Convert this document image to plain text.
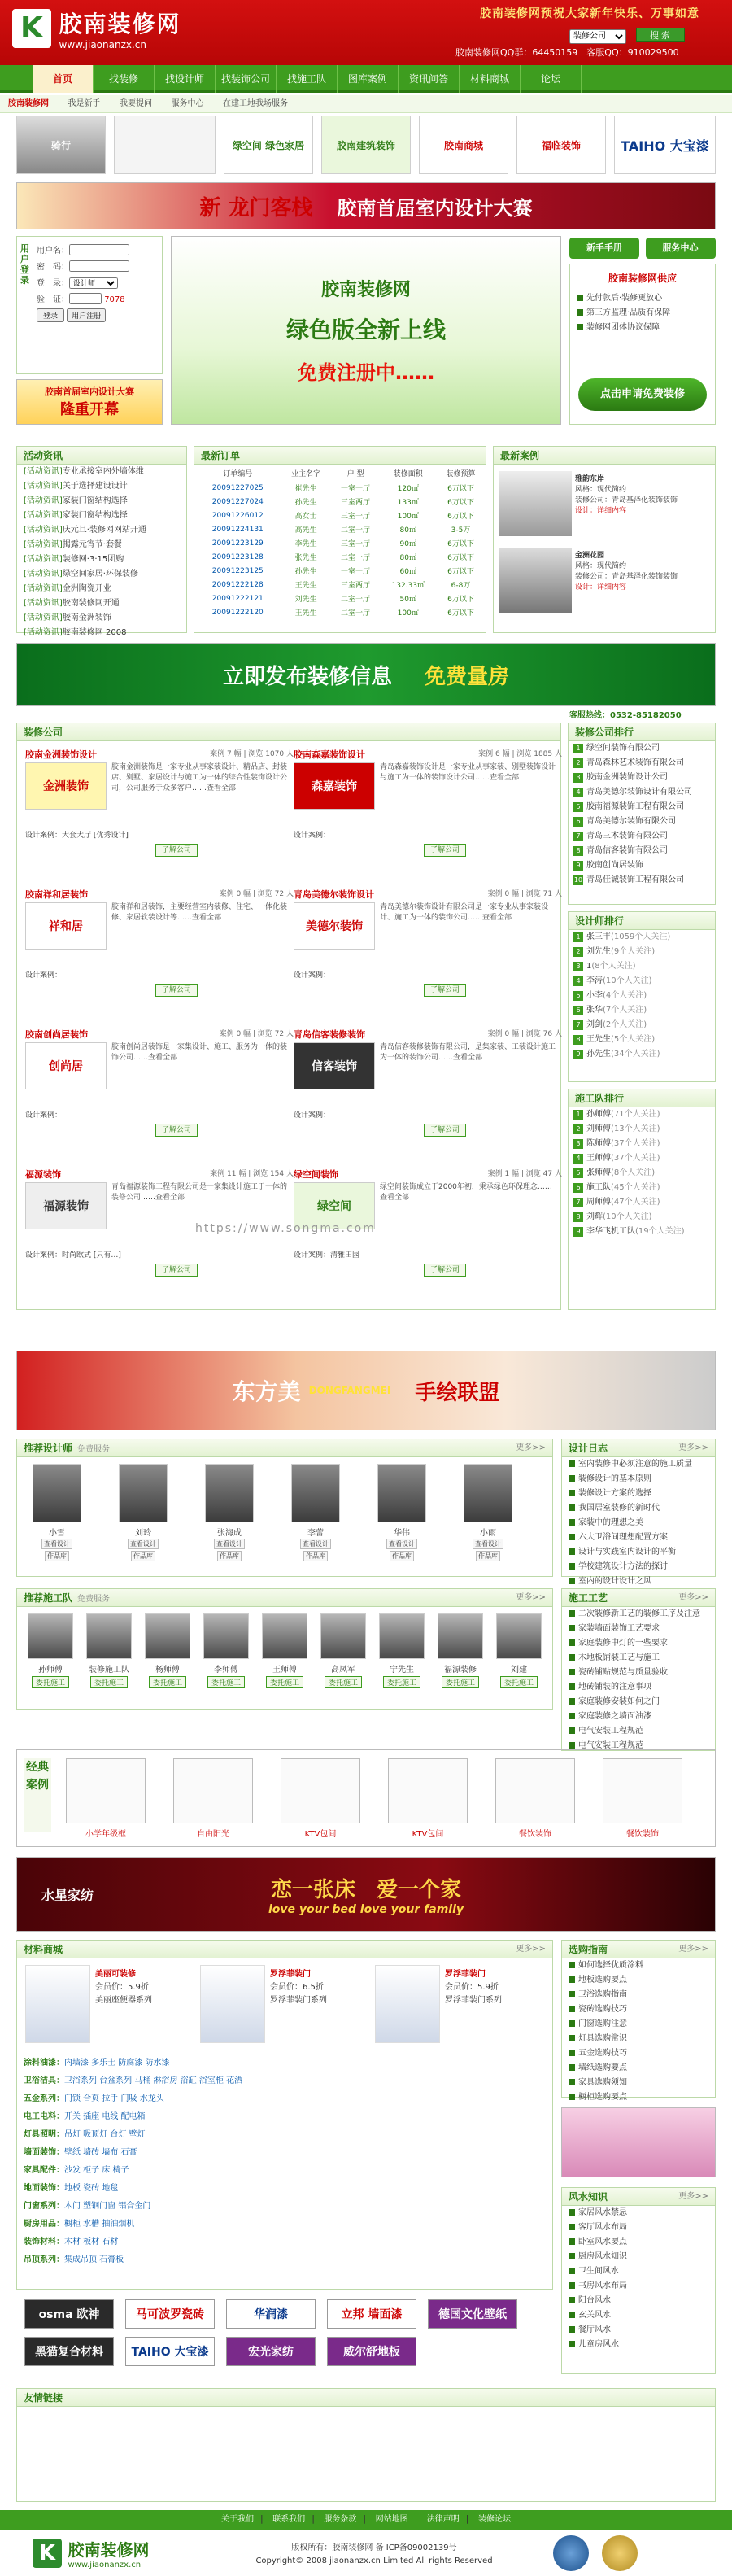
K 胶南装修网
www.jiaonanzx.cn
胶南装修网预祝大家新年快乐、万事如意
装修公司 搜 索
胶南装修网QQ群：64450159　客服QQ：910029500
首页	找装修	找设计师	找装饰公司	找施工队	图库案例	资讯问答	材料商城	论坛
胶南装修网 我是新手 我要提问 服务中心 在建工地我场服务
骑行	绿空间 绿色家居	胶南建筑装饰	胶南商城	福临装饰	TAIHO 大宝漆
新 龙门客栈 胶南首届室内设计大赛
用户登录
用户名：
密　码：
登　录：
设计师
验　证：	7078
登录 用户注册
胶南首届室内设计大赛
隆重开幕
胶南装修网
绿色版全新上线
免费注册中……
新手手册	服务中心
胶南装修网供应
先付款后·装修更放心
第三方监理·品质有保障
装修网团体协议保障
点击申请免费装修
活动资讯
[活动资讯]专业承接室内外墙体维
[活动资讯]关于选择建设设计
[活动资讯]家装门窗结构选择
[活动资讯]家装门窗结构选择
[活动资讯]庆元旦·装修网网站开通
[活动资讯]揭露元宵节·套餐
[活动资讯]装修网·3·15团购
[活动资讯]绿空间家居·环保装修
[活动资讯]金洲陶瓷开业
[活动资讯]胶南装修网开通
[活动资讯]胶南金洲装饰
[活动资讯]胶南装修网 2008
最新订单
订单编号	业主名字	户 型	装修面积	装修预算
20091227025	崔先生	一室一厅	120㎡	6万以下
20091227024	孙先生	三室两厅	133㎡	6万以下
20091226012	高女士	三室一厅	100㎡	6万以下
20091224131	高先生	二室一厅	80㎡	3-5万
20091223129	李先生	三室一厅	90㎡	6万以下
20091223128	张先生	二室一厅	80㎡	6万以下
20091223125	孙先生	一室一厅	60㎡	6万以下
20091222128	王先生	三室两厅	132.33㎡	6-8万
20091222121	刘先生	二室一厅	50㎡	6万以下
20091222120	王先生	二室一厅	100㎡	6万以下
最新案例
雅韵东岸
风格：现代简约
装修公司：青岛基泽化装饰装饰
设计：详细内容
金洲花园
风格：现代简约
装修公司：青岛基泽化装饰装饰
设计：详细内容
立即发布装修信息 免费量房
客服热线：0532-85182050
装修公司
胶南金洲装饰设计	案例 7 幅 | 浏览 1070 人
金洲装饰
胶南金洲装饰是一家专业从事家装设计、精品店、封装店、别墅、家居设计与施工为一体的综合性装饰设计公司，公司服务于众多客户……查看全部
设计案例：大套大厅 [优秀设计]
了解公司
胶南森嘉装饰设计	案例 6 幅 | 浏览 1885 人
森嘉装饰
青岛森嘉装饰设计是一家专业从事家装、别墅装饰设计与施工为一体的装饰设计公司……查看全部
设计案例：
了解公司
胶南祥和居装饰	案例 0 幅 | 浏览 72 人
祥和居
胶南祥和居装饰，主要经营室内装修、住宅、一体化装修、家居软装设计等……查看全部
设计案例：
了解公司
青岛美德尔装饰设计	案例 0 幅 | 浏览 71 人
美德尔装饰
青岛美德尔装饰设计有限公司是一家专业从事家装设计、施工为一体的装饰公司……查看全部
设计案例：
了解公司
胶南创尚居装饰	案例 0 幅 | 浏览 72 人
创尚居
胶南创尚居装饰是一家集设计、施工、服务为一体的装饰公司……查看全部
设计案例：
了解公司
青岛信客装修装饰	案例 0 幅 | 浏览 76 人
信客装饰
青岛信客装修装饰有限公司，是集家装、工装设计施工为一体的装饰公司……查看全部
设计案例：
了解公司
福源装饰	案例 11 幅 | 浏览 154 人
福源装饰
青岛福源装饰工程有限公司是一家集设计施工于一体的装修公司……查看全部
设计案例：时尚欧式 [只有…]
了解公司
绿空间装饰	案例 1 幅 | 浏览 47 人
绿空间
绿空间装饰成立于2000年初，秉承绿色环保理念……查看全部
设计案例：清雅田园
了解公司
装修公司排行
1 绿空间装饰有限公司
2 青岛森林艺术装饰有限公司
3 胶南金洲装饰设计公司
4 青岛美德尔装饰设计有限公司
5 胶南福源装饰工程有限公司
6 青岛美德尔装饰有限公司
7 青岛三木装饰有限公司
8 青岛信客装饰有限公司
9 胶南创尚居装饰
10 青岛佳诚装饰工程有限公司
设计师排行
1 张三丰(1059个人关注)
2 刘先生(9个人关注)
3 1(8个人关注)
4 李涛(10个人关注)
5 小李(4个人关注)
6 张华(7个人关注)
7 刘剑(2个人关注)
8 王先生(5个人关注)
9 孙先生(34个人关注)
施工队排行
1 孙师傅(71个人关注)
2 刘师傅(13个人关注)
3 陈师傅(37个人关注)
4 王师傅(37个人关注)
5 张师傅(8个人关注)
6 施工队(45个人关注)
7 周师傅(47个人关注)
8 刘辉(10个人关注)
9 李华飞机工队(19个人关注)
https://www.songma.com
东方美 DONGFANGMEI 手绘联盟
推荐设计师 免费服务	更多>>
小雪
查看设计作品库
刘玲
查看设计作品库
张海成
查看设计作品库
李蕾
查看设计作品库
华伟
查看设计作品库
小雨
查看设计作品库
设计日志	更多>>
室内装修中必须注意的施工质量
装修设计的基本原则
装修设计方案的选择
我国居室装修的新时代
家装中的理想之美
六大卫浴间理想配置方案
设计与实践室内设计的平衡
学校建筑设计方法的探讨
室内的设计设计之风
推荐施工队 免费服务	更多>>
孙师傅
委托施工
装修施工队
委托施工
杨师傅
委托施工
李师傅
委托施工
王师傅
委托施工
高凤军
委托施工
宁先生
委托施工
福源装修
委托施工
刘建
委托施工
施工工艺	更多>>
二次装修新工艺的装修工序及注意
家装墙面装饰工艺要求
家庭装修中灯的一些要求
木地板铺装工艺与施工
瓷砖铺贴规范与质量验收
地砖铺装的注意事项
家庭装修安装如何之门
家庭装修之墙面油漆
电气安装工程规范
电气安装工程规范
经典案例
小学年级框	自由阳光	KTV包间	KTV包间	餐饮装饰	餐饮装饰
水星家纺	恋一张床　爱一个家
love your bed love your family
材料商城	更多>>
美丽可装修
会员价：5.9折
美丽座便器系列
罗浮菲装门
会员价：6.5折
罗浮菲装门系列
罗浮菲装门
会员价：5.9折
罗浮菲装门系列
涂料油漆：内墙漆 多乐士 防腐漆 防水漆
卫浴洁具：卫浴系列 台盆系列 马桶 淋浴房 浴缸 浴室柜 花洒
五金系列：门锁 合页 拉手 门吸 水龙头
电工电料：开关 插座 电线 配电箱
灯具照明：吊灯 吸顶灯 台灯 壁灯
墙面装饰：壁纸 墙砖 墙布 石膏
家具配件：沙发 柜子 床 椅子
地面装饰：地板 瓷砖 地毯
门窗系列：木门 塑钢门窗 铝合金门
厨房用品：橱柜 水槽 抽油烟机
装饰材料：木材 板材 石材
吊顶系列：集成吊顶 石膏板
选购指南	更多>>
如何选择优质涂料
地板选购要点
卫浴选购指南
瓷砖选购技巧
门窗选购注意
灯具选购常识
五金选购技巧
墙纸选购要点
家具选购须知
橱柜选购要点
风水知识	更多>>
家居风水禁忌
客厅风水布局
卧室风水要点
厨房风水知识
卫生间风水
书房风水布局
阳台风水
玄关风水
餐厅风水
儿童房风水
osma 欧神	马可波罗瓷砖	华润漆	立邦 墙面漆	德国文化壁纸
黑猫复合材料	TAIHO 大宝漆	宏光家纺	威尔舒地板
友情链接
关于我们 | 联系我们 | 服务条款 | 网站地图 | 法律声明 | 装修论坛
K 胶南装修网
www.jiaonanzx.cn
版权所有：胶南装修网 备 ICP备09002139号
Copyright© 2008 jiaonanzx.cn Limited All rights Reserved
